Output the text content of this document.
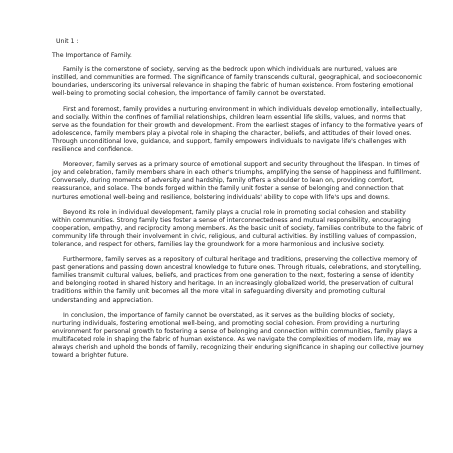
Unit 1 :
The Importance of Family.

Family is the cornerstone of society, serving as the bedrock upon which individuals are nurtured, values are instilled, and communities are formed. The significance of family transcends cultural, geographical, and socioeconomic boundaries, underscoring its universal relevance in shaping the fabric of human existence. From fostering emotional well-being to promoting social cohesion, the importance of family cannot be overstated.

First and foremost, family provides a nurturing environment in which individuals develop emotionally, intellectually, and socially. Within the confines of familial relationships, children learn essential life skills, values, and norms that serve as the foundation for their growth and development. From the earliest stages of infancy to the formative years of adolescence, family members play a pivotal role in shaping the character, beliefs, and attitudes of their loved ones. Through unconditional love, guidance, and support, family empowers individuals to navigate life's challenges with resilience and confidence.

Moreover, family serves as a primary source of emotional support and security throughout the lifespan. In times of joy and celebration, family members share in each other's triumphs, amplifying the sense of happiness and fulfillment. Conversely, during moments of adversity and hardship, family offers a shoulder to lean on, providing comfort, reassurance, and solace. The bonds forged within the family unit foster a sense of belonging and connection that nurtures emotional well-being and resilience, bolstering individuals' ability to cope with life's ups and downs.

Beyond its role in individual development, family plays a crucial role in promoting social cohesion and stability within communities. Strong family ties foster a sense of interconnectedness and mutual responsibility, encouraging cooperation, empathy, and reciprocity among members. As the basic unit of society, families contribute to the fabric of community life through their involvement in civic, religious, and cultural activities. By instilling values of compassion, tolerance, and respect for others, families lay the groundwork for a more harmonious and inclusive society.

Furthermore, family serves as a repository of cultural heritage and traditions, preserving the collective memory of past generations and passing down ancestral knowledge to future ones. Through rituals, celebrations, and storytelling, families transmit cultural values, beliefs, and practices from one generation to the next, fostering a sense of identity and belonging rooted in shared history and heritage. In an increasingly globalized world, the preservation of cultural traditions within the family unit becomes all the more vital in safeguarding diversity and promoting cultural understanding and appreciation.

In conclusion, the importance of family cannot be overstated, as it serves as the building blocks of society, nurturing individuals, fostering emotional well-being, and promoting social cohesion. From providing a nurturing environment for personal growth to fostering a sense of belonging and connection within communities, family plays a multifaceted role in shaping the fabric of human existence. As we navigate the complexities of modern life, may we always cherish and uphold the bonds of family, recognizing their enduring significance in shaping our collective journey toward a brighter future.
